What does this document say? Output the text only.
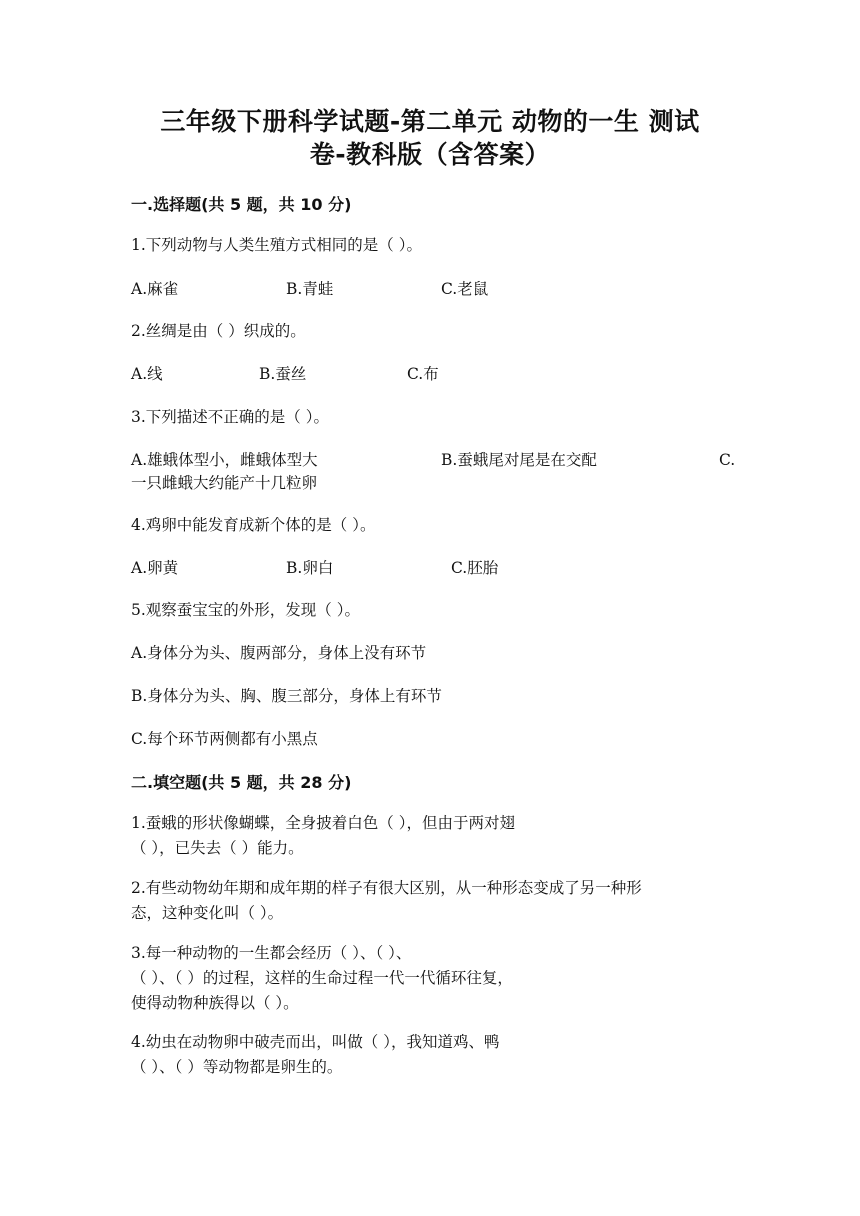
三年级下册科学试题-第二单元 动物的一生 测试
卷-教科版（含答案）
一.选择题(共 5 题，共 10 分)
1.下列动物与人类生殖方式相同的是（ ）。
A.麻雀	B.青蛙	C.老鼠
2.丝绸是由（ ）织成的。
A.线	B.蚕丝	C.布
3.下列描述不正确的是（ ）。
A.雄蛾体型小，雌蛾体型大	B.蚕蛾尾对尾是在交配	C.
一只雌蛾大约能产十几粒卵
4.鸡卵中能发育成新个体的是（ ）。
A.卵黄	B.卵白	C.胚胎
5.观察蚕宝宝的外形，发现（ ）。
A.身体分为头、腹两部分，身体上没有环节
B.身体分为头、胸、腹三部分，身体上有环节
C.每个环节两侧都有小黑点
二.填空题(共 5 题，共 28 分)
1.蚕蛾的形状像蝴蝶，全身披着白色（ ），但由于两对翅
（ ），已失去（ ）能力。
2.有些动物幼年期和成年期的样子有很大区别，从一种形态变成了另一种形
态，这种变化叫（ ）。
3.每一种动物的一生都会经历（ ）、（ ）、
（ ）、（ ）的过程，这样的生命过程一代一代循环往复，
使得动物种族得以（ ）。
4.幼虫在动物卵中破壳而出，叫做（ ），我知道鸡、鸭
（ ）、（ ）等动物都是卵生的。
